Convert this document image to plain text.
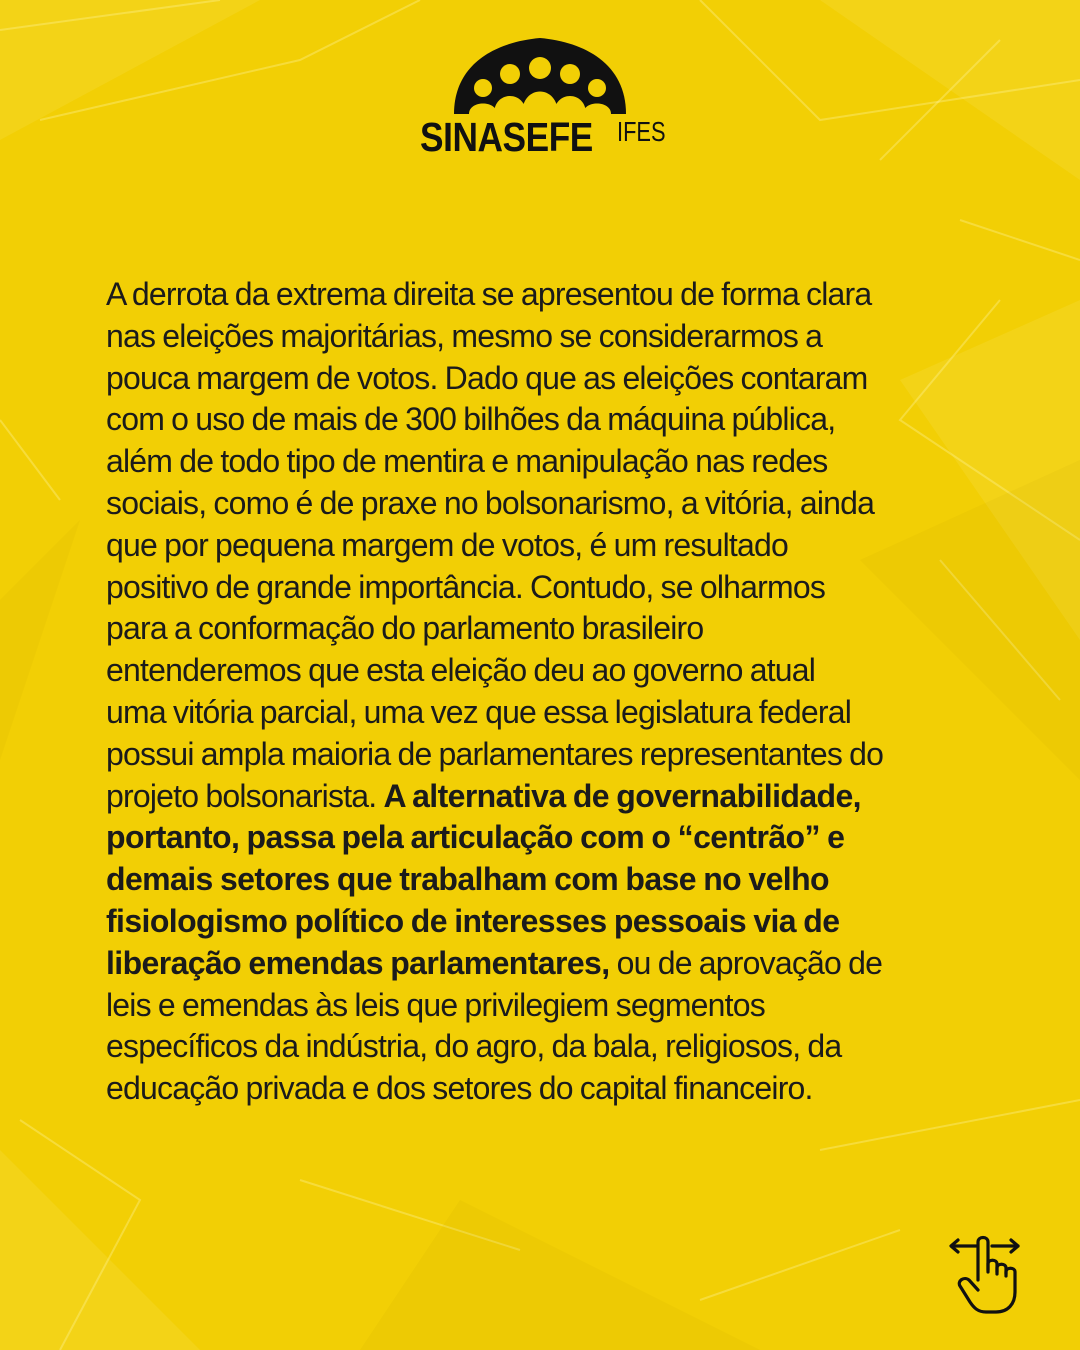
SINASEFE IFES
A derrota da extrema direita se apresentou de forma clara
nas eleições majoritárias, mesmo se considerarmos a
pouca margem de votos. Dado que as eleições contaram
com o uso de mais de 300 bilhões da máquina pública,
além de todo tipo de mentira e manipulação nas redes
sociais, como é de praxe no bolsonarismo, a vitória, ainda
que por pequena margem de votos, é um resultado
positivo de grande importância. Contudo, se olharmos
para a conformação do parlamento brasileiro
entenderemos que esta eleição deu ao governo atual
uma vitória parcial, uma vez que essa legislatura federal
possui ampla maioria de parlamentares representantes do
projeto bolsonarista. A alternativa de governabilidade,
portanto, passa pela articulação com o “centrão” e
demais setores que trabalham com base no velho
fisiologismo político de interesses pessoais via de
liberação emendas parlamentares, ou de aprovação de
leis e emendas às leis que privilegiem segmentos
específicos da indústria, do agro, da bala, religiosos, da
educação privada e dos setores do capital financeiro.
